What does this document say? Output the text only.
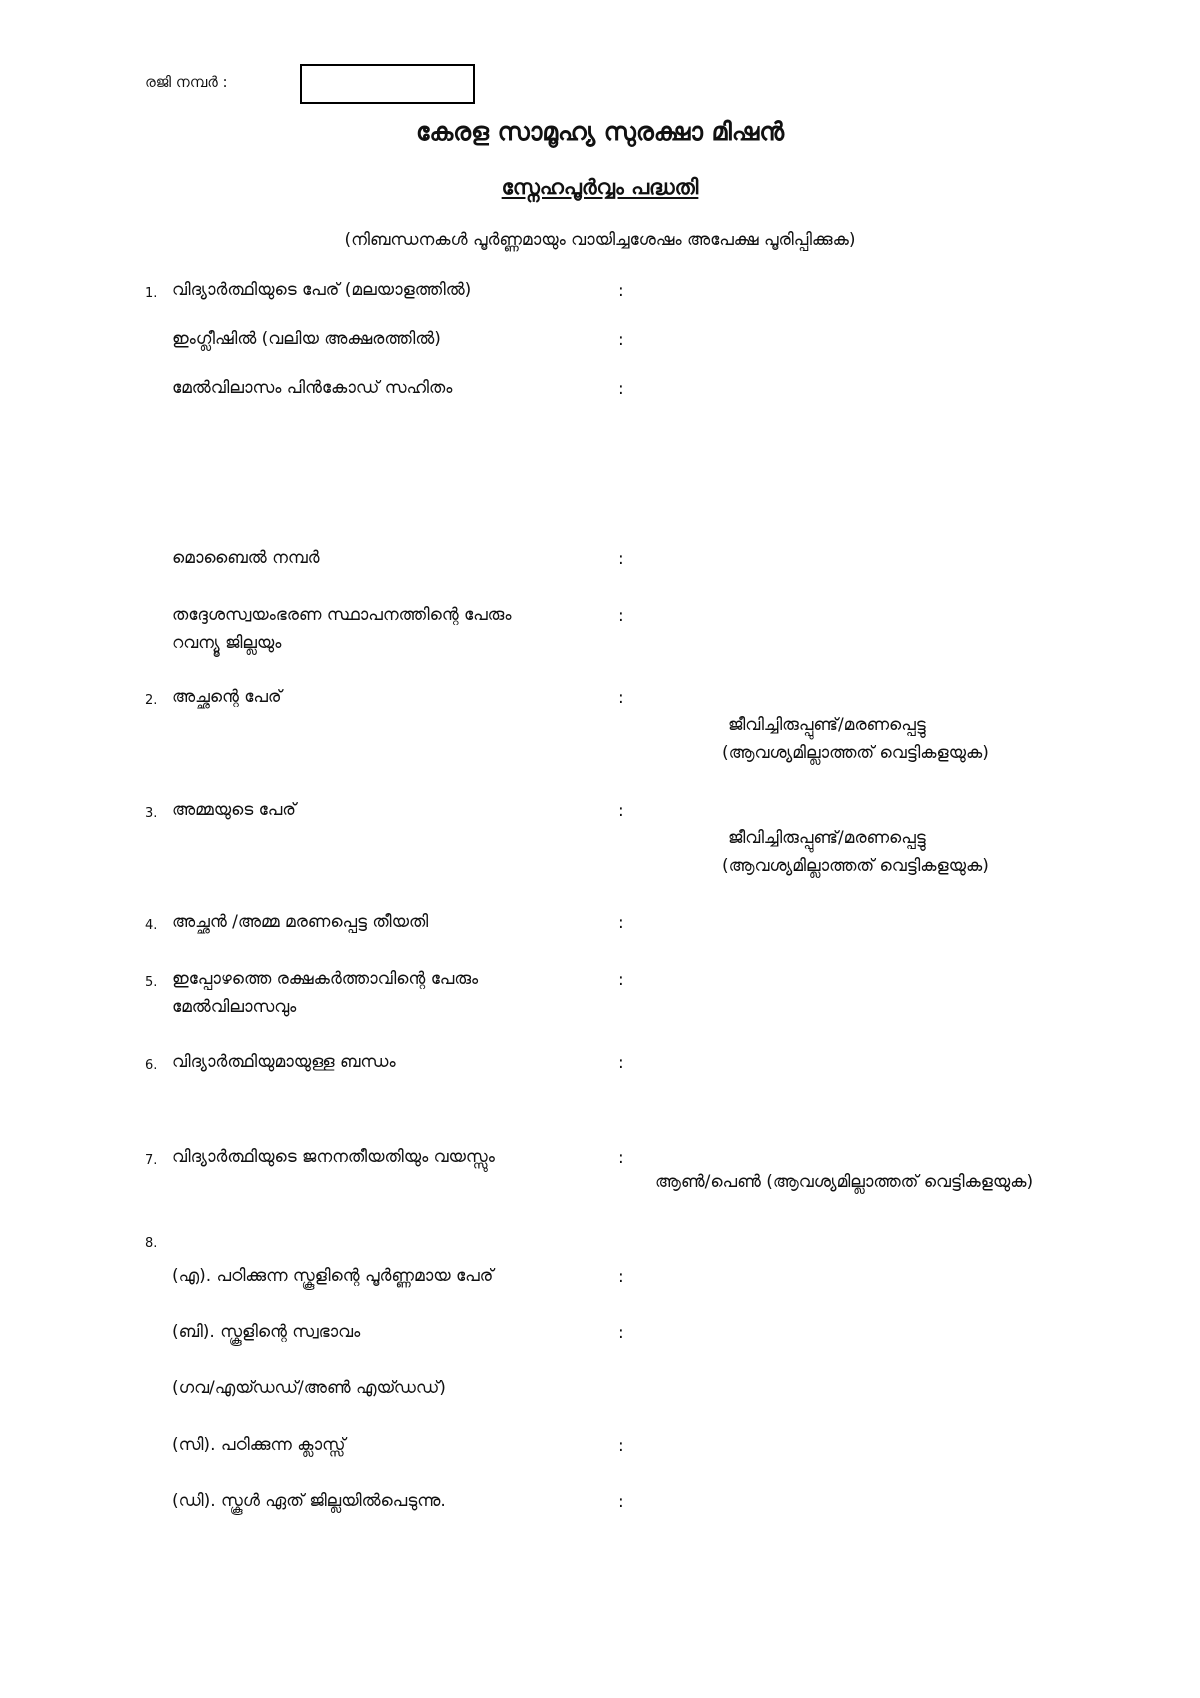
രജി നമ്പർ :
കേരള സാമൂഹ്യ സുരക്ഷാ മിഷൻ
സ്നേഹപൂർവ്വം പദ്ധതി
(നിബന്ധനകൾ പൂർണ്ണമായും വായിച്ചശേഷം അപേക്ഷ പൂരിപ്പിക്കുക)
1. വിദ്യാർത്ഥിയുടെ പേര് (മലയാളത്തിൽ)	:
ഇംഗ്ലീഷിൽ (വലിയ അക്ഷരത്തിൽ)	:
മേൽവിലാസം പിൻകോഡ് സഹിതം	:
മൊബൈൽ നമ്പർ	:
തദ്ദേശസ്വയംഭരണ സ്ഥാപനത്തിന്റെ പേരും
റവന്യൂ ജില്ലയും
:
2. അച്ഛന്റെ പേര്	:
ജീവിച്ചിരുപ്പുണ്ട്/മരണപ്പെട്ടു
(ആവശ്യമില്ലാത്തത് വെട്ടികളയുക)
3. അമ്മയുടെ പേര്	:
ജീവിച്ചിരുപ്പുണ്ട്/മരണപ്പെട്ടു
(ആവശ്യമില്ലാത്തത് വെട്ടികളയുക)
4. അച്ഛൻ /അമ്മ മരണപ്പെട്ട തീയതി	:
5. ഇപ്പോഴത്തെ രക്ഷകർത്താവിന്റെ പേരും
മേൽവിലാസവും
:
6. വിദ്യാർത്ഥിയുമായുള്ള ബന്ധം	:
7. വിദ്യാർത്ഥിയുടെ ജനനതീയതിയും വയസ്സും	:
ആൺ/പെൺ (ആവശ്യമില്ലാത്തത് വെട്ടികളയുക)
8.
(എ). പഠിക്കുന്ന സ്കൂളിന്റെ പൂർണ്ണമായ പേര്	:
(ബി). സ്കൂളിന്റെ സ്വഭാവം	:
(ഗവ/എയ്ഡഡ്/അൺ എയ്ഡഡ്)
(സി). പഠിക്കുന്ന ക്ലാസ്സ്	:
(ഡി). സ്കൂൾ ഏത് ജില്ലയിൽപെടുന്നു.	:
